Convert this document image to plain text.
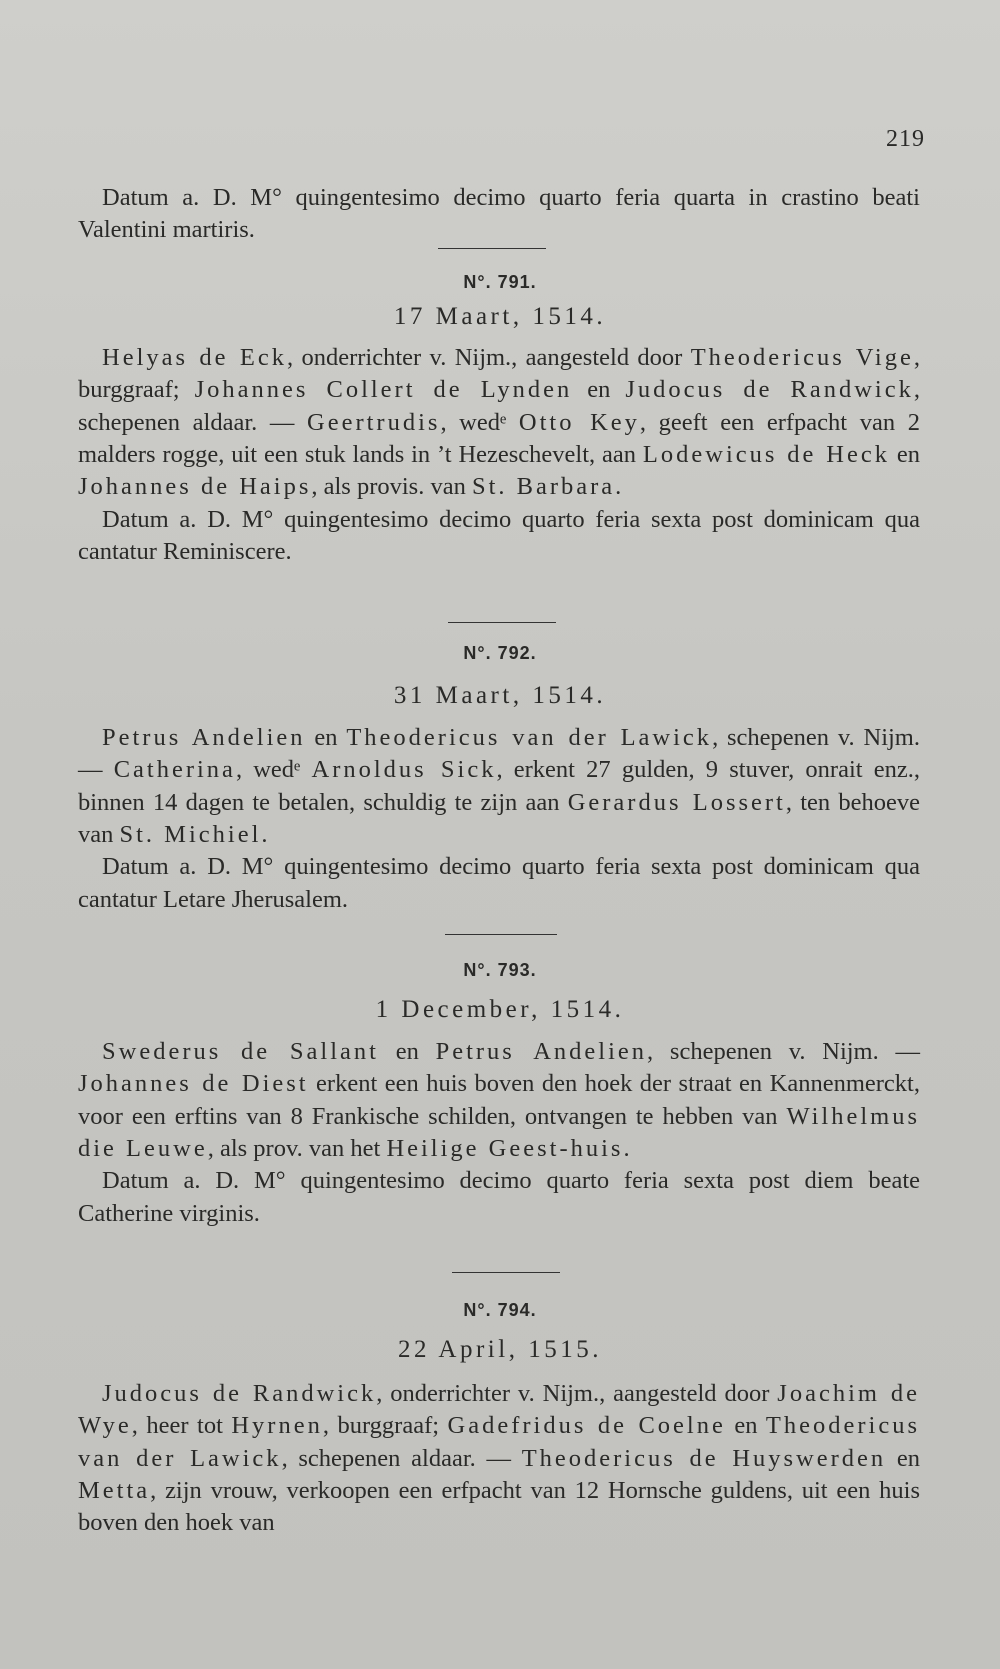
219

Datum a. D. M° quingentesimo decimo quarto feria quarta in crastino beati Valentini martiris.

N°. 791.
17 Maart, 1514.

Helyas de Eck, onderrichter v. Nijm., aangesteld door Theodericus Vige, burggraaf; Johannes Collert de Lynden en Judocus de Randwick, schepenen aldaar. — Geertrudis, wedᵉ Otto Key, geeft een erfpacht van 2 malders rogge, uit een stuk lands in ’t Hezeschevelt, aan Lodewicus de Heck en Johannes de Haips, als provis. van St. Barbara.

Datum a. D. M° quingentesimo decimo quarto feria sexta post dominicam qua cantatur Reminiscere.

N°. 792.
31 Maart, 1514.

Petrus Andelien en Theodericus van der Lawick, schepenen v. Nijm. — Catherina, wedᵉ Arnoldus Sick, erkent 27 gulden, 9 stuver, onrait enz., binnen 14 dagen te betalen, schuldig te zijn aan Gerardus Lossert, ten behoeve van St. Michiel.

Datum a. D. M° quingentesimo decimo quarto feria sexta post dominicam qua cantatur Letare Jherusalem.

N°. 793.
1 December, 1514.

Swederus de Sallant en Petrus Andelien, schepenen v. Nijm. — Johannes de Diest erkent een huis boven den hoek der straat en Kannenmerckt, voor een erftins van 8 Frankische schilden, ontvangen te hebben van Wilhelmus die Leuwe, als prov. van het Heilige Geest-huis.

Datum a. D. M° quingentesimo decimo quarto feria sexta post diem beate Catherine virginis.

N°. 794.
22 April, 1515.

Judocus de Randwick, onderrichter v. Nijm., aangesteld door Joachim de Wye, heer tot Hyrnen, burggraaf; Gadefridus de Coelne en Theodericus van der Lawick, schepenen aldaar. — Theodericus de Huyswerden en Metta, zijn vrouw, verkoopen een erfpacht van 12 Hornsche guldens, uit een huis boven den hoek van
